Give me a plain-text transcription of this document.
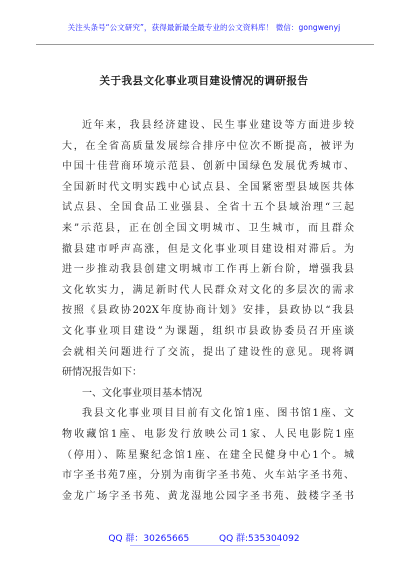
关注头条号“公文研究”，获得最新最全最专业的公文资料库！ 微信：gongwenyj
关于我县文化事业项目建设情况的调研报告
近年来，我县经济建设、民生事业建设等方面进步较
大，在全省高质量发展综合排序中位次不断提高，被评为
中国十佳营商环境示范县、创新中国绿色发展优秀城市、
全国新时代文明实践中心试点县、全国紧密型县域医共体
试点县、全国食品工业强县、全省十五个县域治理“三起
来”示范县，正在创全国文明城市、卫生城市，而且群众
撤县建市呼声高涨，但是文化事业项目建设相对滞后。为
进一步推动我县创建文明城市工作再上新台阶，增强我县
文化软实力，满足新时代人民群众对文化的多层次的需求
按照《县政协202X年度协商计划》安排，县政协以“我县
文化事业项目建设”为课题，组织市县政协委员召开座谈
会就相关问题进行了交流，提出了建设性的意见。现将调
研情况报告如下：
一、文化事业项目基本情况
我县文化事业项目目前有文化馆1座、图书馆1座、文
物收藏馆1座、电影发行放映公司1家、人民电影院1座
（停用）、陈星聚纪念馆1座、在建全民健身中心1个。城
市字圣书苑7座，分别为南街字圣书苑、火车站字圣书苑、
金龙广场字圣书苑、黄龙湿地公园字圣书苑、鼓楼字圣书
QQ 群：30265665	QQ 群:535304092
